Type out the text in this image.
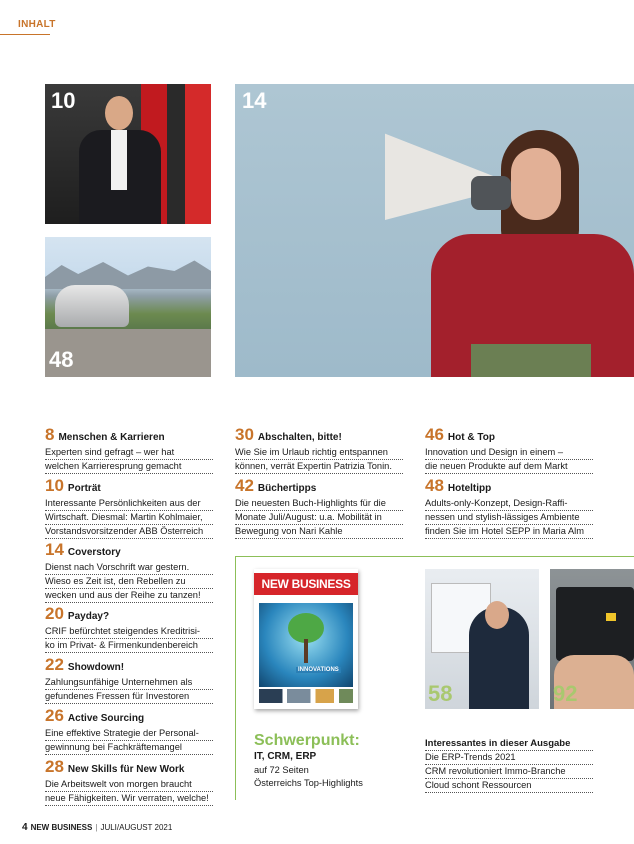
INHALT
10
48
14
8 Menschen & Karrieren
Experten sind gefragt – wer hat
welchen Karrieresprung gemacht
10 Porträt
Interessante Persönlichkeiten aus der
Wirtschaft. Diesmal: Martin Kohlmaier,
Vorstandsvorsitzender ABB Österreich
14 Coverstory
Dienst nach Vorschrift war gestern.
Wieso es Zeit ist, den Rebellen zu
wecken und aus der Reihe zu tanzen!
20 Payday?
CRIF befürchtet steigendes Kreditrisi-
ko im Privat- & Firmenkundenbereich
22 Showdown!
Zahlungsunfähige Unternehmen als
gefundenes Fressen für Investoren
26 Active Sourcing
Eine effektive Strategie der Personal-
gewinnung bei Fachkräftemangel
28 New Skills für New Work
Die Arbeitswelt von morgen braucht
neue Fähigkeiten. Wir verraten, welche!
30 Abschalten, bitte!
Wie Sie im Urlaub richtig entspannen
können, verrät Expertin Patrizia Tonin.
42 Büchertipps
Die neuesten Buch-Highlights für die
Monate Juli/August: u.a. Mobilität in
Bewegung von Nari Kahle
46 Hot & Top
Innovation und Design in einem –
die neuen Produkte auf dem Markt
48 Hoteltipp
Adults-only-Konzept, Design-Raffi-
nessen und stylish-lässiges Ambiente
finden Sie im Hotel SEPP in Maria Alm
NEW BUSINESS
INNOVATIONS
58	92
Schwerpunkt:
IT, CRM, ERP
auf 72 Seiten
Österreichs Top-Highlights
Interessantes in dieser Ausgabe
Die ERP-Trends 2021
CRM revolutioniert Immo-Branche
Cloud schont Ressourcen
4 NEW BUSINESS | JULI/AUGUST 2021
